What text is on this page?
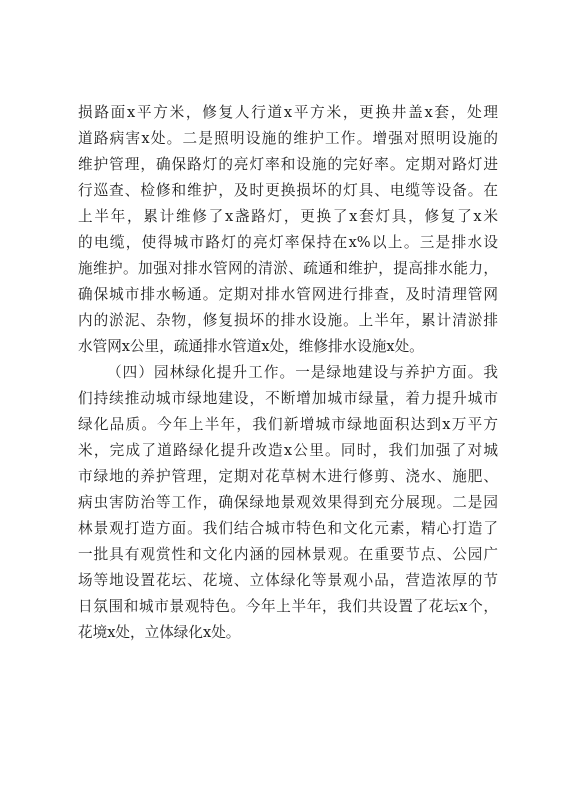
损路面x平方米，修复人行道x平方米，更换井盖x套，处理
道路病害x处。二是照明设施的维护工作。增强对照明设施的
维护管理，确保路灯的亮灯率和设施的完好率。定期对路灯进
行巡查、检修和维护，及时更换损坏的灯具、电缆等设备。在
上半年，累计维修了x盏路灯，更换了x套灯具，修复了x米
的电缆，使得城市路灯的亮灯率保持在x%以上。三是排水设
施维护。加强对排水管网的清淤、疏通和维护，提高排水能力，
确保城市排水畅通。定期对排水管网进行排查，及时清理管网
内的淤泥、杂物，修复损坏的排水设施。上半年，累计清淤排
水管网x公里，疏通排水管道x处，维修排水设施x处。
（四）园林绿化提升工作。一是绿地建设与养护方面。我
们持续推动城市绿地建设，不断增加城市绿量，着力提升城市
绿化品质。今年上半年，我们新增城市绿地面积达到x万平方
米，完成了道路绿化提升改造x公里。同时，我们加强了对城
市绿地的养护管理，定期对花草树木进行修剪、浇水、施肥、
病虫害防治等工作，确保绿地景观效果得到充分展现。二是园
林景观打造方面。我们结合城市特色和文化元素，精心打造了
一批具有观赏性和文化内涵的园林景观。在重要节点、公园广
场等地设置花坛、花境、立体绿化等景观小品，营造浓厚的节
日氛围和城市景观特色。今年上半年，我们共设置了花坛x个，
花境x处，立体绿化x处。
